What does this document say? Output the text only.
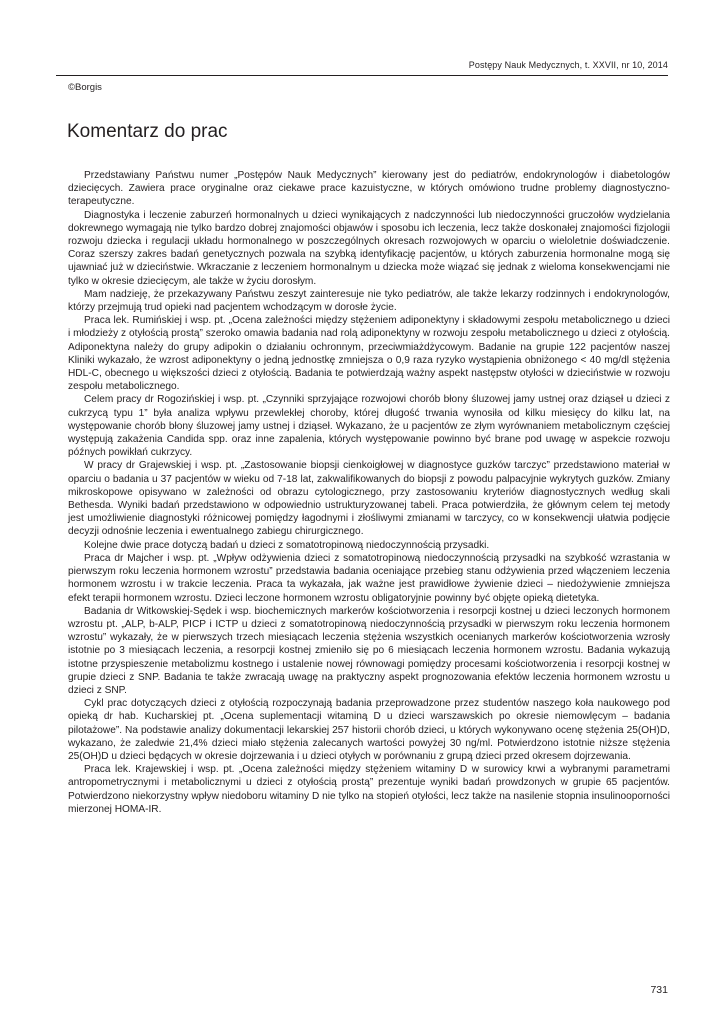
Postępy Nauk Medycznych, t. XXVII, nr 10, 2014
©Borgis
Komentarz do prac

Przedstawiany Państwu numer „Postępów Nauk Medycznych” kierowany jest do pediatrów, endokrynologów i diabetologów dziecięcych. Zawiera prace oryginalne oraz ciekawe prace kazuistyczne, w których omówiono trudne problemy diagnostyczno-terapeutyczne.

Diagnostyka i leczenie zaburzeń hormonalnych u dzieci wynikających z nadczynności lub niedoczynności gruczołów wydzielania dokrewnego wymagają nie tylko bardzo dobrej znajomości objawów i sposobu ich leczenia, lecz także doskonałej znajomości fizjologii rozwoju dziecka i regulacji układu hormonalnego w poszczególnych okresach rozwojowych w oparciu o wieloletnie doświadczenie. Coraz szerszy zakres badań genetycznych pozwala na szybką identyfikację pacjentów, u których zaburzenia hormonalne mogą się ujawniać już w dzieciństwie. Wkraczanie z leczeniem hormonalnym u dziecka może wiązać się jednak z wieloma konsekwencjami nie tylko w okresie dziecięcym, ale także w życiu dorosłym.

Mam nadzieję, że przekazywany Państwu zeszyt zainteresuje nie tyko pediatrów, ale także lekarzy rodzinnych i endokrynologów, którzy przejmują trud opieki nad pacjentem wchodzącym w dorosłe życie.

Praca lek. Rumińskiej i wsp. pt. „Ocena zależności między stężeniem adiponektyny i składowymi zespołu metabolicznego u dzieci i młodzieży z otyłością prostą” szeroko omawia badania nad rolą adiponektyny w rozwoju zespołu metabolicznego u dzieci z otyłością. Adiponektyna należy do grupy adipokin o działaniu ochronnym, przeciwmiażdżycowym. Badanie na grupie 122 pacjentów naszej Kliniki wykazało, że wzrost adiponektyny o jedną jednostkę zmniejsza o 0,9 raza ryzyko wystąpienia obniżonego < 40 mg/dl stężenia HDL-C, obecnego u większości dzieci z otyłością. Badania te potwierdzają ważny aspekt następstw otyłości w dzieciństwie w rozwoju zespołu metabolicznego.

Celem pracy dr Rogozińskiej i wsp. pt. „Czynniki sprzyjające rozwojowi chorób błony śluzowej jamy ustnej oraz dziąseł u dzieci z cukrzycą typu 1” była analiza wpływu przewlekłej choroby, której długość trwania wynosiła od kilku miesięcy do kilku lat, na występowanie chorób błony śluzowej jamy ustnej i dziąseł. Wykazano, że u pacjentów ze złym wyrównaniem metabolicznym częściej występują zakażenia Candida spp. oraz inne zapalenia, których występowanie powinno być brane pod uwagę w aspekcie rozwoju późnych powikłań cukrzycy.

W pracy dr Grajewskiej i wsp. pt. „Zastosowanie biopsji cienkoigłowej w diagnostyce guzków tarczyc” przedstawiono materiał w oparciu o badania u 37 pacjentów w wieku od 7-18 lat, zakwalifikowanych do biopsji z powodu palpacyjnie wykrytych guzków. Zmiany mikroskopowe opisywano w zależności od obrazu cytologicznego, przy zastosowaniu kryteriów diagnostycznych według skali Bethesda. Wyniki badań przedstawiono w odpowiednio ustrukturyzowanej tabeli. Praca potwierdziła, że głównym celem tej metody jest umożliwienie diagnostyki różnicowej pomiędzy łagodnymi i złośliwymi zmianami w tarczycy, co w konsekwencji ułatwia podjęcie decyzji odnośnie leczenia i ewentualnego zabiegu chirurgicznego.

Kolejne dwie prace dotyczą badań u dzieci z somatotropinową niedoczynnością przysadki.

Praca dr Majcher i wsp. pt. „Wpływ odżywienia dzieci z somatotropinową niedoczynnością przysadki na szybkość wzrastania w pierwszym roku leczenia hormonem wzrostu” przedstawia badania oceniające przebieg stanu odżywienia przed włączeniem leczenia hormonem wzrostu i w trakcie leczenia. Praca ta wykazała, jak ważne jest prawidłowe żywienie dzieci – niedożywienie zmniejsza efekt terapii hormonem wzrostu. Dzieci leczone hormonem wzrostu obligatoryjnie powinny być objęte opieką dietetyka.

Badania dr Witkowskiej-Sędek i wsp. biochemicznych markerów kościotworzenia i resorpcji kostnej u dzieci leczonych hormonem wzrostu pt. „ALP, b-ALP, PICP i ICTP u dzieci z somatotropinową niedoczynnością przysadki w pierwszym roku leczenia hormonem wzrostu” wykazały, że w pierwszych trzech miesiącach leczenia stężenia wszystkich ocenianych markerów kościotworzenia wzrosły istotnie po 3 miesiącach leczenia, a resorpcji kostnej zmieniło się po 6 miesiącach leczenia hormonem wzrostu. Badania wykazują istotne przyspieszenie metabolizmu kostnego i ustalenie nowej równowagi pomiędzy procesami kościotworzenia i resorpcji kostnej w grupie dzieci z SNP. Badania te także zwracają uwagę na praktyczny aspekt prognozowania efektów leczenia hormonem wzrostu u dzieci z SNP.

Cykl prac dotyczących dzieci z otyłością rozpoczynają badania przeprowadzone przez studentów naszego koła naukowego pod opieką dr hab. Kucharskiej pt. „Ocena suplementacji witaminą D u dzieci warszawskich po okresie niemowlęcym – badania pilotażowe”. Na podstawie analizy dokumentacji lekarskiej 257 historii chorób dzieci, u których wykonywano ocenę stężenia 25(OH)D, wykazano, że zaledwie 21,4% dzieci miało stężenia zalecanych wartości powyżej 30 ng/ml. Potwierdzono istotnie niższe stężenia 25(OH)D u dzieci będących w okresie dojrzewania i u dzieci otyłych w porównaniu z grupą dzieci przed okresem dojrzewania.

Praca lek. Krajewskiej i wsp. pt. „Ocena zależności między stężeniem witaminy D w surowicy krwi a wybranymi parametrami antropometrycznymi i metabolicznymi u dzieci z otyłością prostą” prezentuje wyniki badań prowdzonych w grupie 65 pacjentów. Potwierdzono niekorzystny wpływ niedoboru witaminy D nie tylko na stopień otyłości, lecz także na nasilenie stopnia insulinooporności mierzonej HOMA-IR.

731
